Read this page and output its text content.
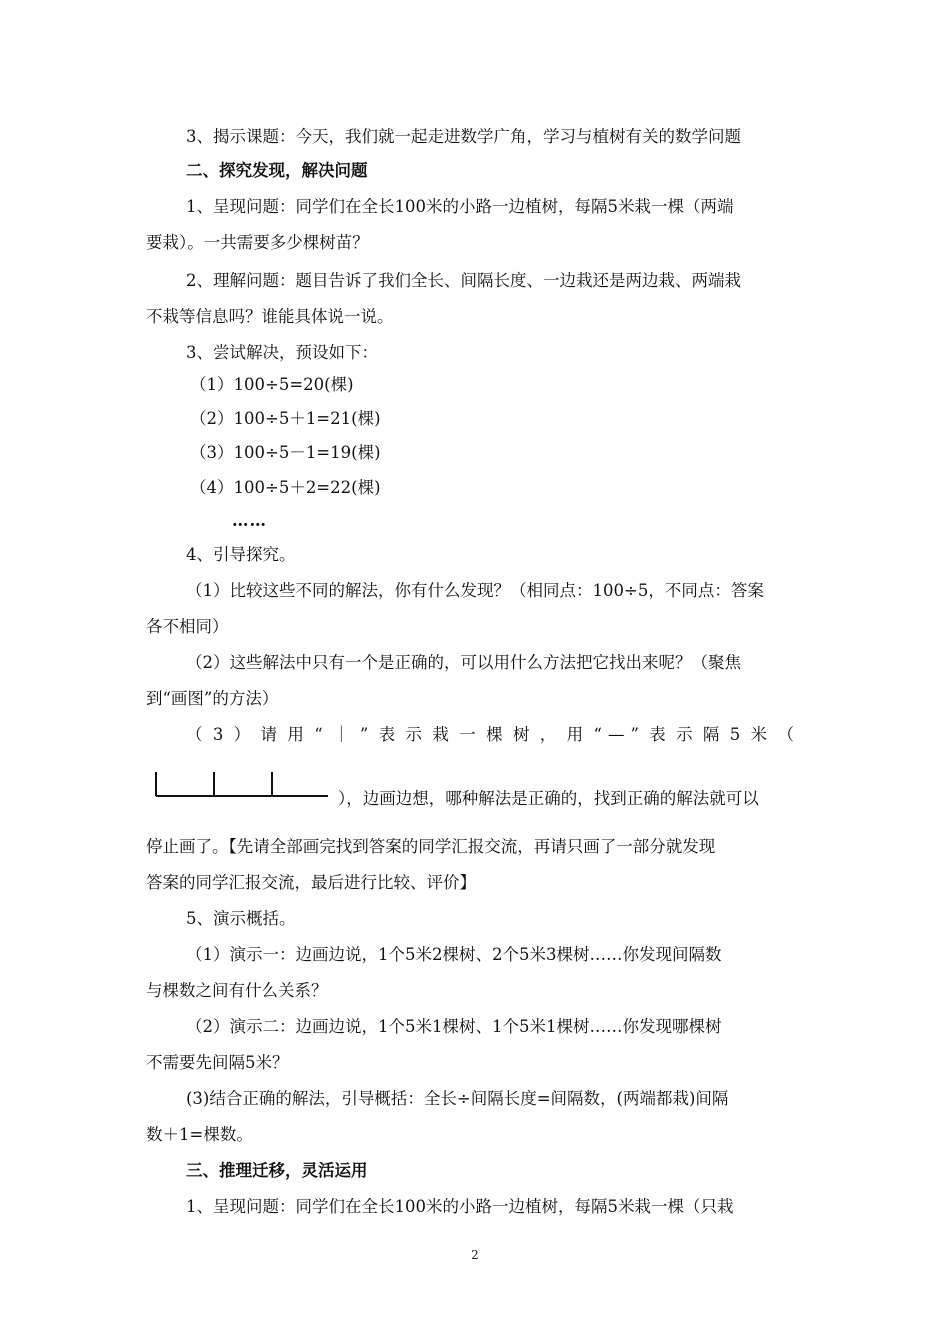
3、揭示课题：今天，我们就一起走进数学广角，学习与植树有关的数学问题
二、探究发现，解决问题
1、呈现问题：同学们在全长100米的小路一边植树，每隔5米栽一棵（两端
要栽）。一共需要多少棵树苗？
2、理解问题：题目告诉了我们全长、间隔长度、一边栽还是两边栽、两端栽
不栽等信息吗？谁能具体说一说。
3、尝试解决，预设如下：
（1）100÷5=20(棵)
（2）100÷5＋1=21(棵)
（3）100÷5－1=19(棵)
（4）100÷5＋2=22(棵)
……
4、引导探究。
（1）比较这些不同的解法，你有什么发现？（相同点：100÷5，不同点：答案
各不相同）
（2）这些解法中只有一个是正确的，可以用什么方法把它找出来呢？（聚焦
到“画图”的方法）
（3）请用“｜”表示栽一棵树，用“—”表示隔5米（
），边画边想，哪种解法是正确的，找到正确的解法就可以
停止画了。【先请全部画完找到答案的同学汇报交流，再请只画了一部分就发现
答案的同学汇报交流，最后进行比较、评价】
5、演示概括。
（1）演示一：边画边说，1个5米2棵树、2个5米3棵树……你发现间隔数
与棵数之间有什么关系？
（2）演示二：边画边说，1个5米1棵树、1个5米1棵树……你发现哪棵树
不需要先间隔5米？
(3)结合正确的解法，引导概括：全长÷间隔长度=间隔数，(两端都栽)间隔
数＋1=棵数。
三、推理迁移，灵活运用
1、呈现问题：同学们在全长100米的小路一边植树，每隔5米栽一棵（只栽
2
